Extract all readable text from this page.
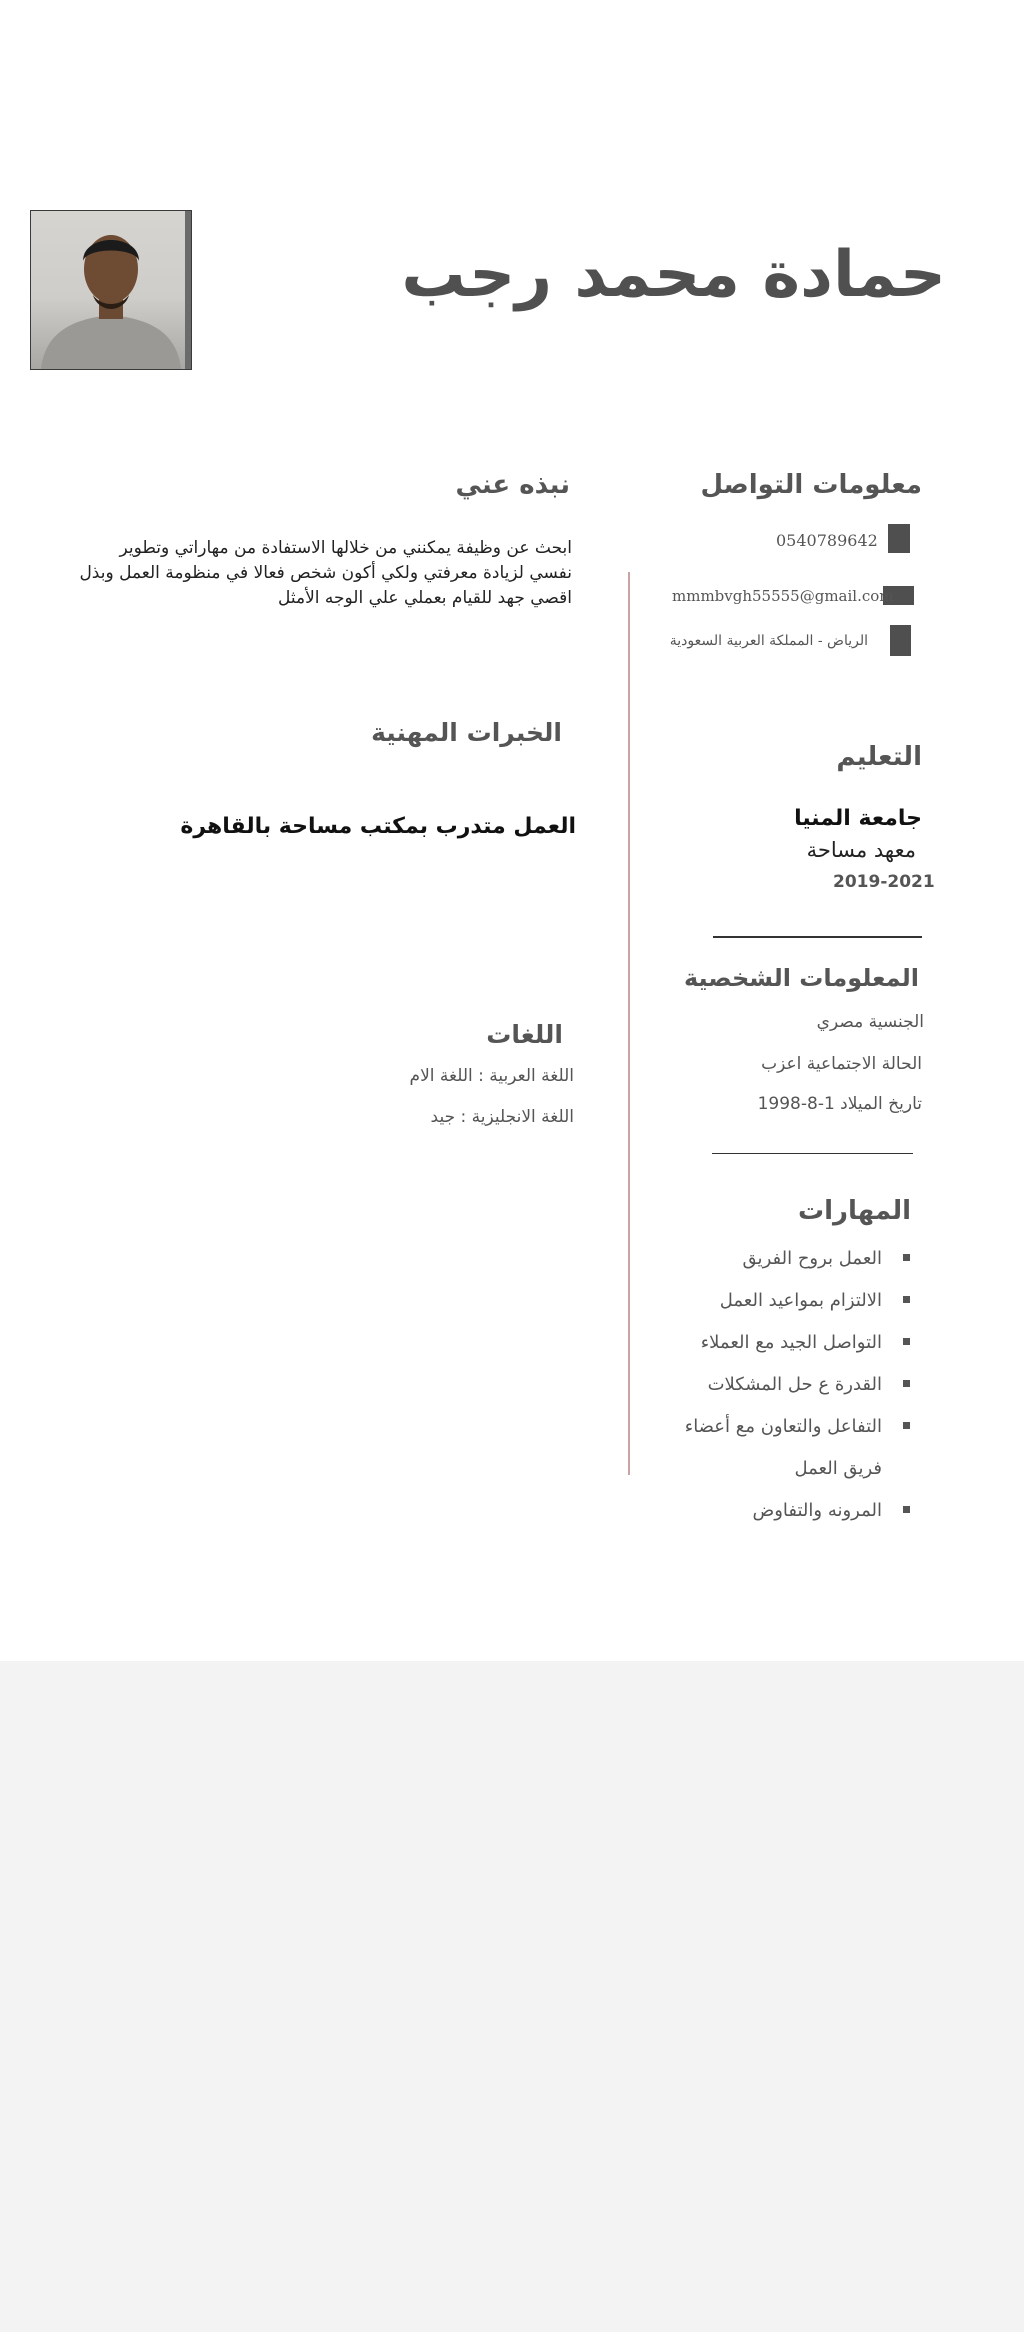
حمادة محمد رجب
معلومات التواصل
0540789642
mmmbvgh55555@gmail.com
الرياض - المملكة العربية السعودية
نبذه عني
ابحث عن وظيفة يمكنني من خلالها الاستفادة من مهاراتي وتطوير
نفسي لزيادة معرفتي ولكي أكون شخص فعالا في منظومة العمل وبذل
اقصي جهد للقيام بعملي علي الوجه الأمثل
الخبرات المهنية
العمل متدرب بمكتب مساحة بالقاهرة
التعليم
جامعة المنيا
معهد مساحة
2019-2021
المعلومات الشخصية
الجنسية مصري
الحالة الاجتماعية اعزب
تاريخ الميلاد 1-8-1998
اللغات
اللغة العربية : اللغة الام
اللغة الانجليزية : جيد
المهارات
العمل بروح الفريق
الالتزام بمواعيد العمل
التواصل الجيد مع العملاء
القدرة ع حل المشكلات
التفاعل والتعاون مع أعضاء
فريق العمل
المرونه والتفاوض
